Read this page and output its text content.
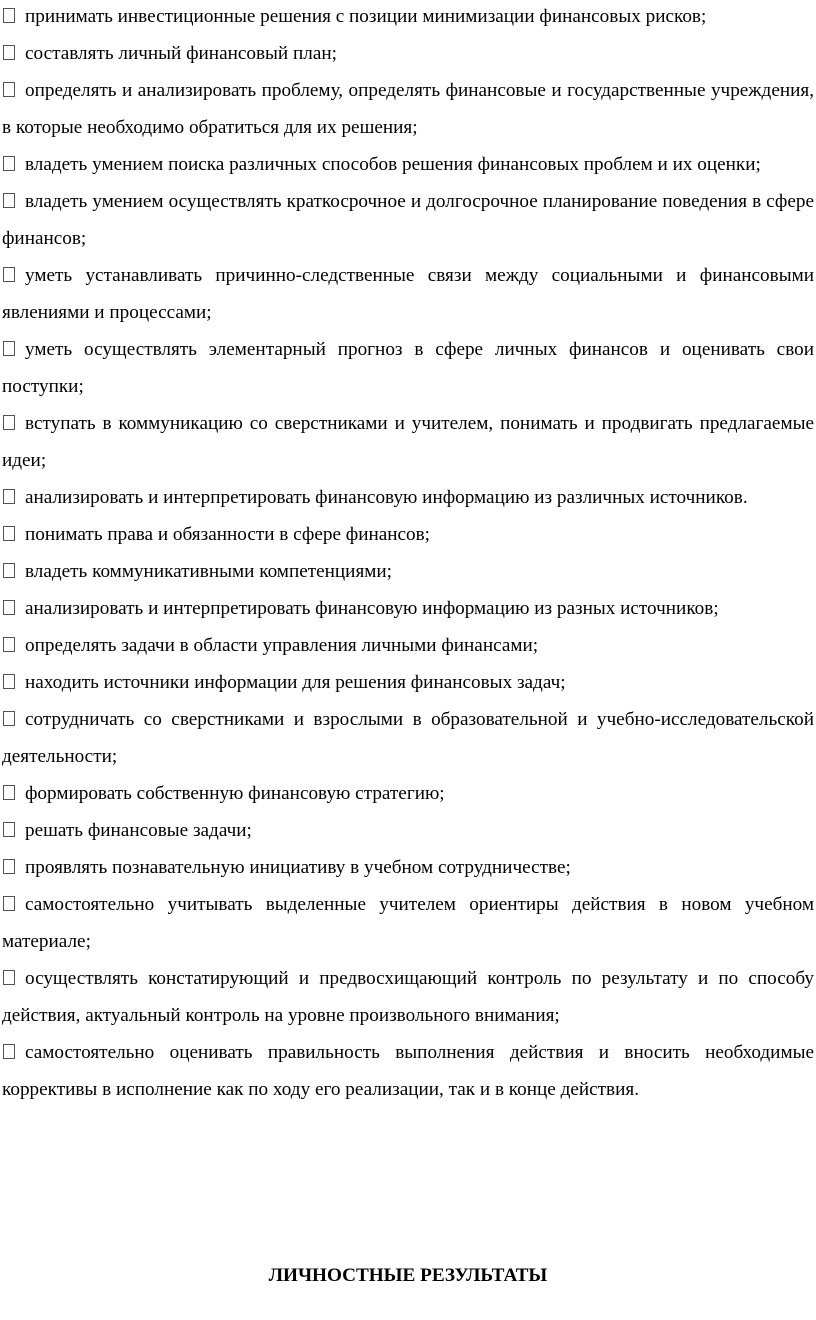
принимать инвестиционные решения с позиции минимизации финансовых рисков;

составлять личный финансовый план;

определять и анализировать проблему, определять финансовые и государственные учреждения, в которые необходимо обратиться для их решения;

владеть умением поиска различных способов решения финансовых проблем и их оценки;

владеть умением осуществлять краткосрочное и долгосрочное планирование поведения в сфере финансов;

уметь устанавливать причинно-следственные связи между социальными и финансовыми явлениями и процессами;

уметь осуществлять элементарный прогноз в сфере личных финансов и оценивать свои поступки;

вступать в коммуникацию со сверстниками и учителем, понимать и продвигать предлагаемые идеи;

анализировать и интерпретировать финансовую информацию из различных источников.

понимать права и обязанности в сфере финансов;

владеть коммуникативными компетенциями;

анализировать и интерпретировать финансовую информацию из разных источников;

определять задачи в области управления личными финансами;

находить источники информации для решения финансовых задач;

сотрудничать со сверстниками и взрослыми в образовательной и учебно-исследовательской деятельности;

формировать собственную финансовую стратегию;

решать финансовые задачи;

проявлять познавательную инициативу в учебном сотрудничестве;

самостоятельно учитывать выделенные учителем ориентиры действия в новом учебном материале;

осуществлять констатирующий и предвосхищающий контроль по результату и по способу действия, актуальный контроль на уровне произвольного внимания;

самостоятельно оценивать правильность выполнения действия и вносить необходимые коррективы в исполнение как по ходу его реализации, так и в конце действия.

ЛИЧНОСТНЫЕ РЕЗУЛЬТАТЫ
